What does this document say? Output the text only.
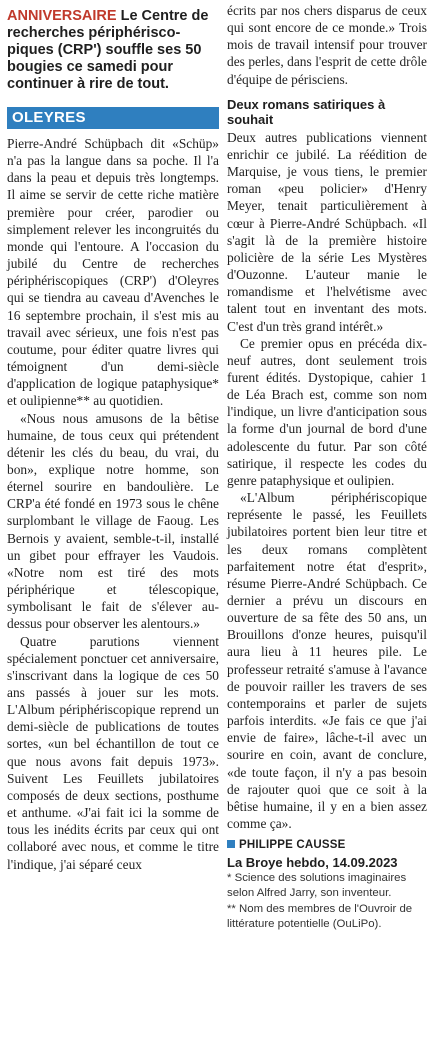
ANNIVERSAIRE Le Centre de recherches périphériscopiques (CRP') souffle ses 50 bougies ce samedi pour continuer à rire de tout.
OLEYRES

Pierre-André Schüpbach dit «Schüp» n'a pas la langue dans sa poche. Il l'a dans la peau et depuis très longtemps. Il aime se servir de cette riche matière première pour créer, parodier ou simplement relever les incongruités du monde qui l'entoure. A l'occasion du jubilé du Centre de recherches périphériscopiques (CRP') d'Oleyres qui se tiendra au caveau d'Avenches le 16 septembre prochain, il s'est mis au travail avec sérieux, une fois n'est pas coutume, pour éditer quatre livres qui témoignent d'un demi-siècle d'application de logique pataphysique* et oulipienne** au quotidien.

«Nous nous amusons de la bêtise humaine, de tous ceux qui prétendent détenir les clés du beau, du vrai, du bon», explique notre homme, son éternel sourire en bandoulière. Le CRP'a été fondé en 1973 sous le chêne surplombant le village de Faoug. Les Bernois y avaient, semble-t-il, installé un gibet pour effrayer les Vaudois. «Notre nom est tiré des mots périphérique et télescopique, symbolisant le fait de s'élever au-dessus pour observer les alentours.»

Quatre parutions viennent spécialement ponctuer cet anniversaire, s'inscrivant dans la logique de ces 50 ans passés à jouer sur les mots. L'Album périphériscopique reprend un demi-siècle de publications de toutes sortes, «un bel échantillon de tout ce que nous avons fait depuis 1973». Suivent Les Feuillets jubilatoires composés de deux sections, posthume et anthume. «J'ai fait ici la somme de tous les inédits écrits par ceux qui ont collaboré avec nous, et comme le titre l'indique, j'ai séparé ceux

écrits par nos chers disparus de ceux qui sont encore de ce monde.» Trois mois de travail intensif pour trouver des perles, dans l'esprit de cette drôle d'équipe de périsciens.

Deux romans satiriques à souhait

Deux autres publications viennent enrichir ce jubilé. La réédition de Marquise, je vous tiens, le premier roman «peu policier» d'Henry Meyer, tenait particulièrement à cœur à Pierre-André Schüpbach. «Il s'agit là de la première histoire policière de la série Les Mystères d'Ouzonne. L'auteur manie le romandisme et l'helvétisme avec talent tout en inventant des mots. C'est d'un très grand intérêt.»

Ce premier opus en précéda dix-neuf autres, dont seulement trois furent édités. Dystopique, cahier 1 de Léa Brach est, comme son nom l'indique, un livre d'anticipation sous la forme d'un journal de bord d'une adolescente du futur. Par son côté satirique, il respecte les codes du genre pataphysique et oulipien.

«L'Album périphériscopique représente le passé, les Feuillets jubilatoires portent bien leur titre et les deux romans complètent parfaitement notre état d'esprit», résume Pierre-André Schüpbach. Ce dernier a prévu un discours en ouverture de sa fête des 50 ans, un Brouillons d'onze heures, puisqu'il aura lieu à 11 heures pile. Le professeur retraité s'amuse à l'avance de pouvoir railler les travers de ses contemporains et parler de sujets parfois interdits. «Je fais ce que j'ai envie de faire», lâche-t-il avec un sourire en coin, avant de conclure, «de toute façon, il n'y a pas besoin de rajouter quoi que ce soit à la bêtise humaine, il y en a bien assez comme ça».

PHILIPPE CAUSSE
La Broye hebdo, 14.09.2023

* Science des solutions imaginaires selon Alfred Jarry, son inventeur.

** Nom des membres de l'Ouvroir de littérature potentielle (OuLiPo).
